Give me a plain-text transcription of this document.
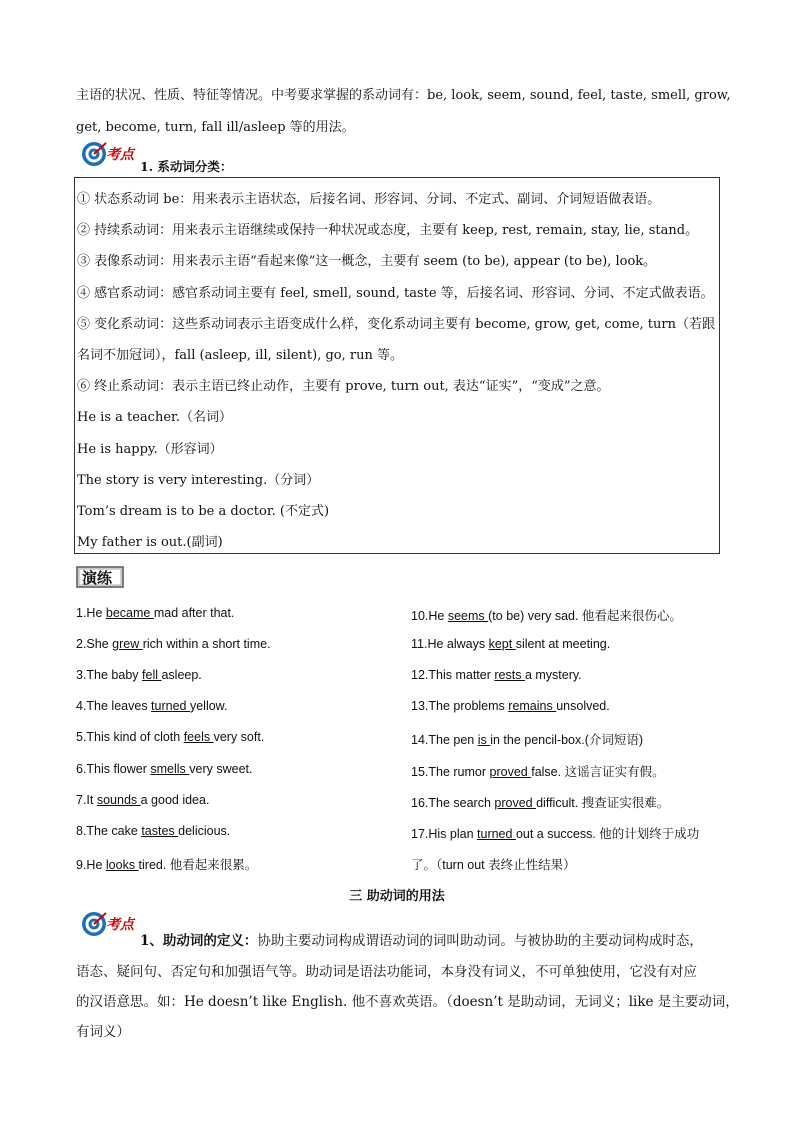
主语的状况、性质、特征等情况。中考要求掌握的系动词有：be, look, seem, sound, feel, taste, smell, grow,
get, become, turn, fall ill/asleep 等的用法。
考点
1. 系动词分类：
① 状态系动词 be：用来表示主语状态，后接名词、形容词、分词、不定式、副词、介词短语做表语。
② 持续系动词：用来表示主语继续或保持一种状况或态度，主要有 keep, rest, remain, stay, lie, stand。
③ 表像系动词：用来表示主语“看起来像”这一概念，主要有 seem (to be), appear (to be), look。
④ 感官系动词：感官系动词主要有 feel, smell, sound, taste 等，后接名词、形容词、分词、不定式做表语。
⑤ 变化系动词：这些系动词表示主语变成什么样，变化系动词主要有 become, grow, get, come, turn（若跟
名词不加冠词），fall (asleep, ill, silent), go, run 等。
⑥ 终止系动词：表示主语已终止动作，主要有 prove, turn out, 表达“证实”，“变成”之意。
He is a teacher.（名词）
He is happy.（形容词）
The story is very interesting.（分词）
Tom’s dream is to be a doctor. (不定式)
My father is out.(副词)
演练
1.He became mad after that.
2.She grew rich within a short time.
3.The baby fell asleep.
4.The leaves turned yellow.
5.This kind of cloth feels very soft.
6.This flower smells very sweet.
7.It sounds a good idea.
8.The cake tastes delicious.
9.He looks tired. 他看起来很累。
10.He seems (to be) very sad. 他看起来很伤心。
11.He always kept silent at meeting.
12.This matter rests a mystery.
13.The problems remains unsolved.
14.The pen is in the pencil-box.(介词短语)
15.The rumor proved false. 这谣言证实有假。
16.The search proved difficult. 搜查证实很难。
17.His plan turned out a success. 他的计划终于成功
了。（turn out 表终止性结果）
三 助动词的用法
考点
1、助动词的定义：协助主要动词构成谓语动词的词叫助动词。与被协助的主要动词构成时态，
语态、疑问句、否定句和加强语气等。助动词是语法功能词，本身没有词义，不可单独使用，它没有对应
的汉语意思。如：He doesn’t like English. 他不喜欢英语。（doesn’t 是助动词，无词义；like 是主要动词，
有词义）
